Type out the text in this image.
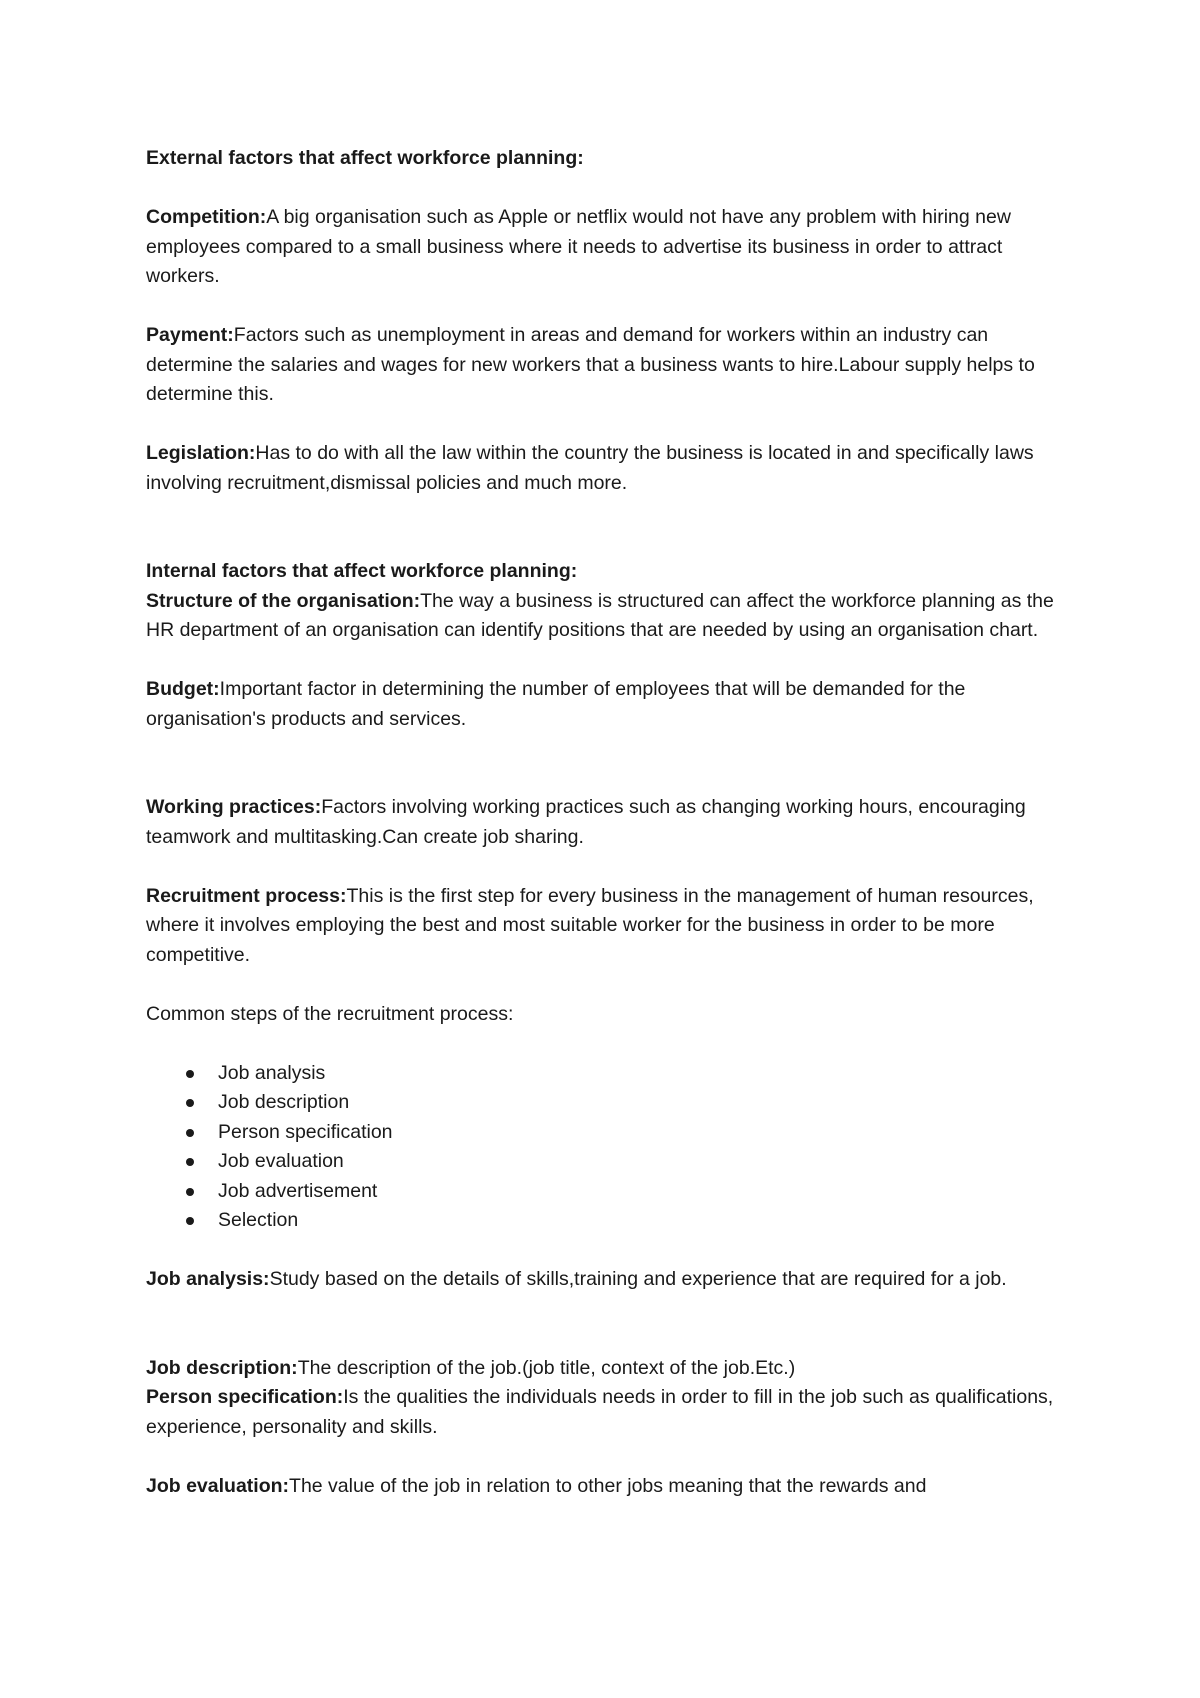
External factors that affect workforce planning:

Competition:A big organisation such as Apple or netflix would not have any problem with hiring new employees compared to a small business where it needs to advertise its business in order to attract workers.

Payment:Factors such as unemployment in areas and demand for workers within an industry can determine the salaries and wages for new workers that a business wants to hire.Labour supply helps to determine this.

Legislation:Has to do with all the law within the country the business is located in and specifically laws involving recruitment,dismissal policies and much more.

Internal factors that affect workforce planning:

Structure of the organisation:The way a business is structured can affect the workforce planning as the HR department of an organisation can identify positions that are needed by using an organisation chart.

Budget:Important factor in determining the number of employees that will be demanded for the organisation's products and services.

Working practices:Factors involving working practices such as changing working hours, encouraging teamwork and multitasking.Can create job sharing.

Recruitment process:This is the first step for every business in the management of human resources, where it involves employing the best and most suitable worker for the business in order to be more competitive.

Common steps of the recruitment process:

Job analysis
Job description
Person specification
Job evaluation
Job advertisement
Selection

Job analysis:Study based on the details of skills,training and experience that are required for a job.

Job description:The description of the job.(job title, context of the job.Etc.)

Person specification:Is the qualities the individuals needs in order to fill in the job such as qualifications, experience, personality and skills.

Job evaluation:The value of the job in relation to other jobs meaning that the rewards and
